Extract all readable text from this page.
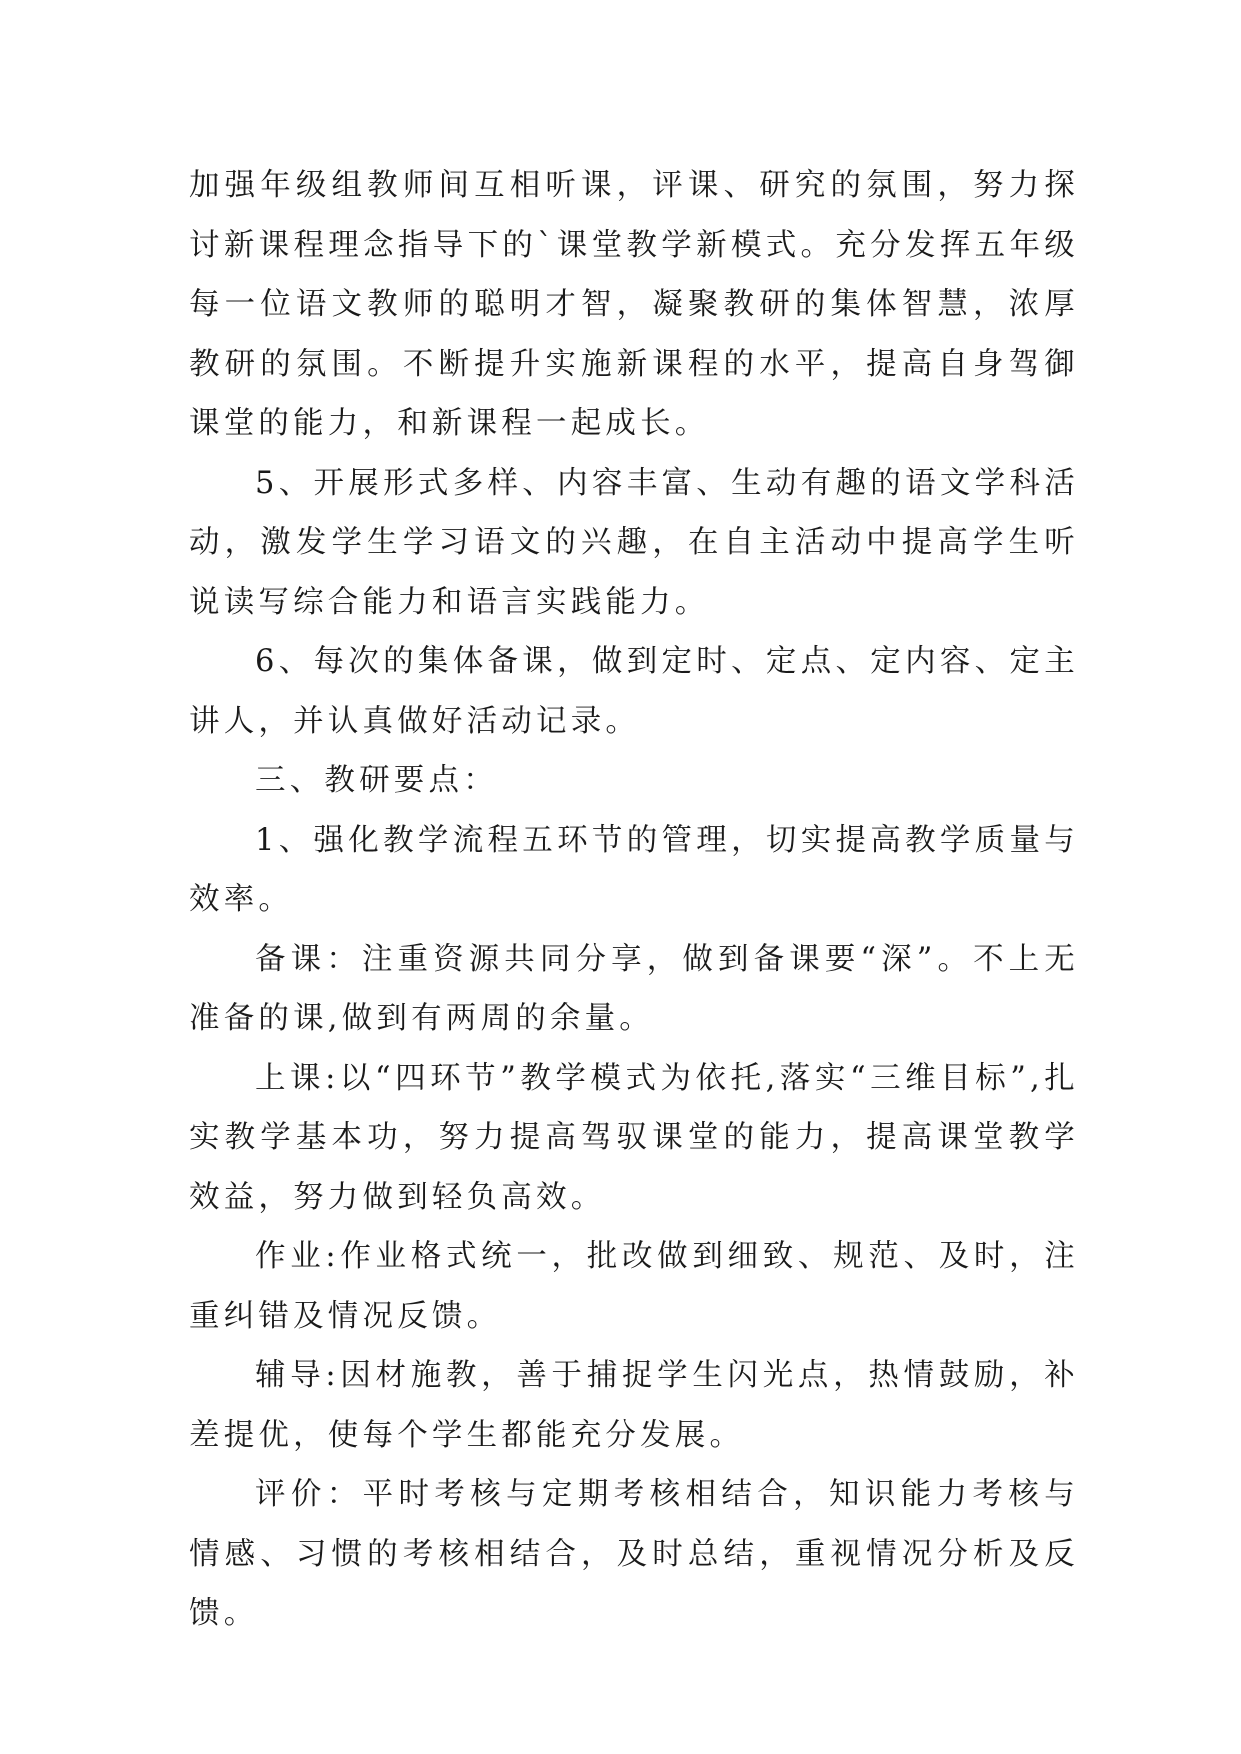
加强年级组教师间互相听课，评课、研究的氛围，努力探讨新课程理念指导下的`课堂教学新模式。充分发挥五年级每一位语文教师的聪明才智，凝聚教研的集体智慧，浓厚教研的氛围。不断提升实施新课程的水平，提高自身驾御课堂的能力，和新课程一起成长。

5、开展形式多样、内容丰富、生动有趣的语文学科活动，激发学生学习语文的兴趣，在自主活动中提高学生听说读写综合能力和语言实践能力。

6、每次的集体备课，做到定时、定点、定内容、定主讲人，并认真做好活动记录。

三、教研要点：

1、强化教学流程五环节的管理，切实提高教学质量与效率。

备课：注重资源共同分享，做到备课要“深”。不上无准备的课,做到有两周的余量。

上课:以“四环节”教学模式为依托,落实“三维目标”,扎实教学基本功，努力提高驾驭课堂的能力，提高课堂教学效益，努力做到轻负高效。

作业:作业格式统一，批改做到细致、规范、及时，注重纠错及情况反馈。

辅导:因材施教，善于捕捉学生闪光点，热情鼓励，补差提优，使每个学生都能充分发展。

评价：平时考核与定期考核相结合，知识能力考核与情感、习惯的考核相结合，及时总结，重视情况分析及反馈。
